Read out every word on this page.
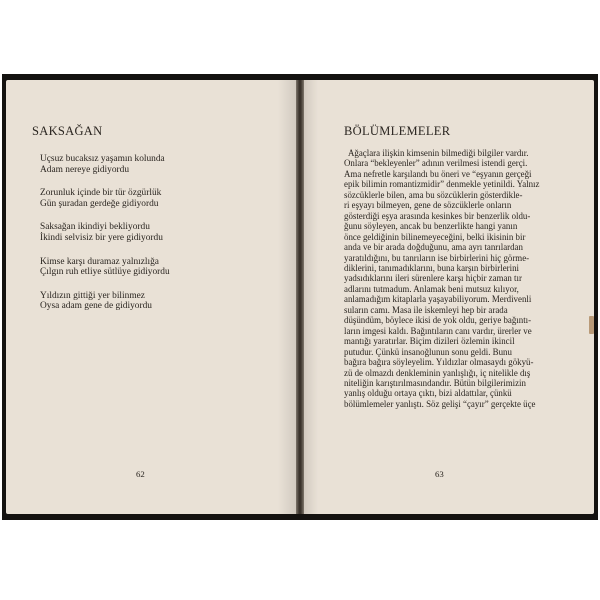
SAKSAĞAN
Uçsuz bucaksız yaşamın kolunda
Adam nereye gidiyordu
Zorunluk içinde bir tür özgürlük
Gün şuradan gerdeğe gidiyordu
Saksağan ikindiyi bekliyordu
İkindi selvisiz bir yere gidiyordu
Kimse karşı duramaz yalnızlığa
Çılgın ruh etliye sütlüye gidiyordu
Yıldızın gittiği yer bilinmez
Oysa adam gene de gidiyordu
62
BÖLÜMLEMELER
Ağaçlara ilişkin kimsenin bilmediği bilgiler vardır.
Onlara “bekleyenler” adının verilmesi istendi gerçi.
Ama nefretle karşılandı bu öneri ve “eşyanın gerçeği
epik bilimin romantizmidir” denmekle yetinildi. Yalnız
sözcüklerle bilen, ama bu sözcüklerin gösterdikle-
ri eşyayı bilmeyen, gene de sözcüklerle onların
gösterdiği eşya arasında kesinkes bir benzerlik oldu-
ğunu söyleyen, ancak bu benzerlikte hangi yanın
önce geldiğinin bilinemeyeceğini, belki ikisinin bir
anda ve bir arada doğduğunu, ama ayrı tanrılardan
yaratıldığını, bu tanrıların ise birbirlerini hiç görme-
diklerini, tanımadıklarını, buna karşın birbirlerini
yadsıdıklarını ileri sürenlere karşı hiçbir zaman tır
adlarını tutmadum. Anlamak beni mutsuz kılıyor,
anlamadığım kitaplarla yaşayabiliyorum. Merdivenli
suların camı. Masa ile iskemleyi hep bir arada
düşündüm, böylece ikisi de yok oldu, geriye bağıntı-
ların imgesi kaldı. Bağıntıların canı vardır, ürerler ve
mantığı yaratırlar. Biçim dizileri özlemin ikincil
putudur. Çünkü insanoğlunun sonu geldi. Bunu
bağıra bağıra söyleyelim. Yıldızlar olmasaydı gökyü-
zü de olmazdı denkleminin yanlışlığı, iç nitelikle dış
niteliğin karıştırılmasındandır. Bütün bilgilerimizin
yanlış olduğu ortaya çıktı, bizi aldattılar, çünkü
bölümlemeler yanlıştı. Söz gelişi “çayır” gerçekte üçe
63
